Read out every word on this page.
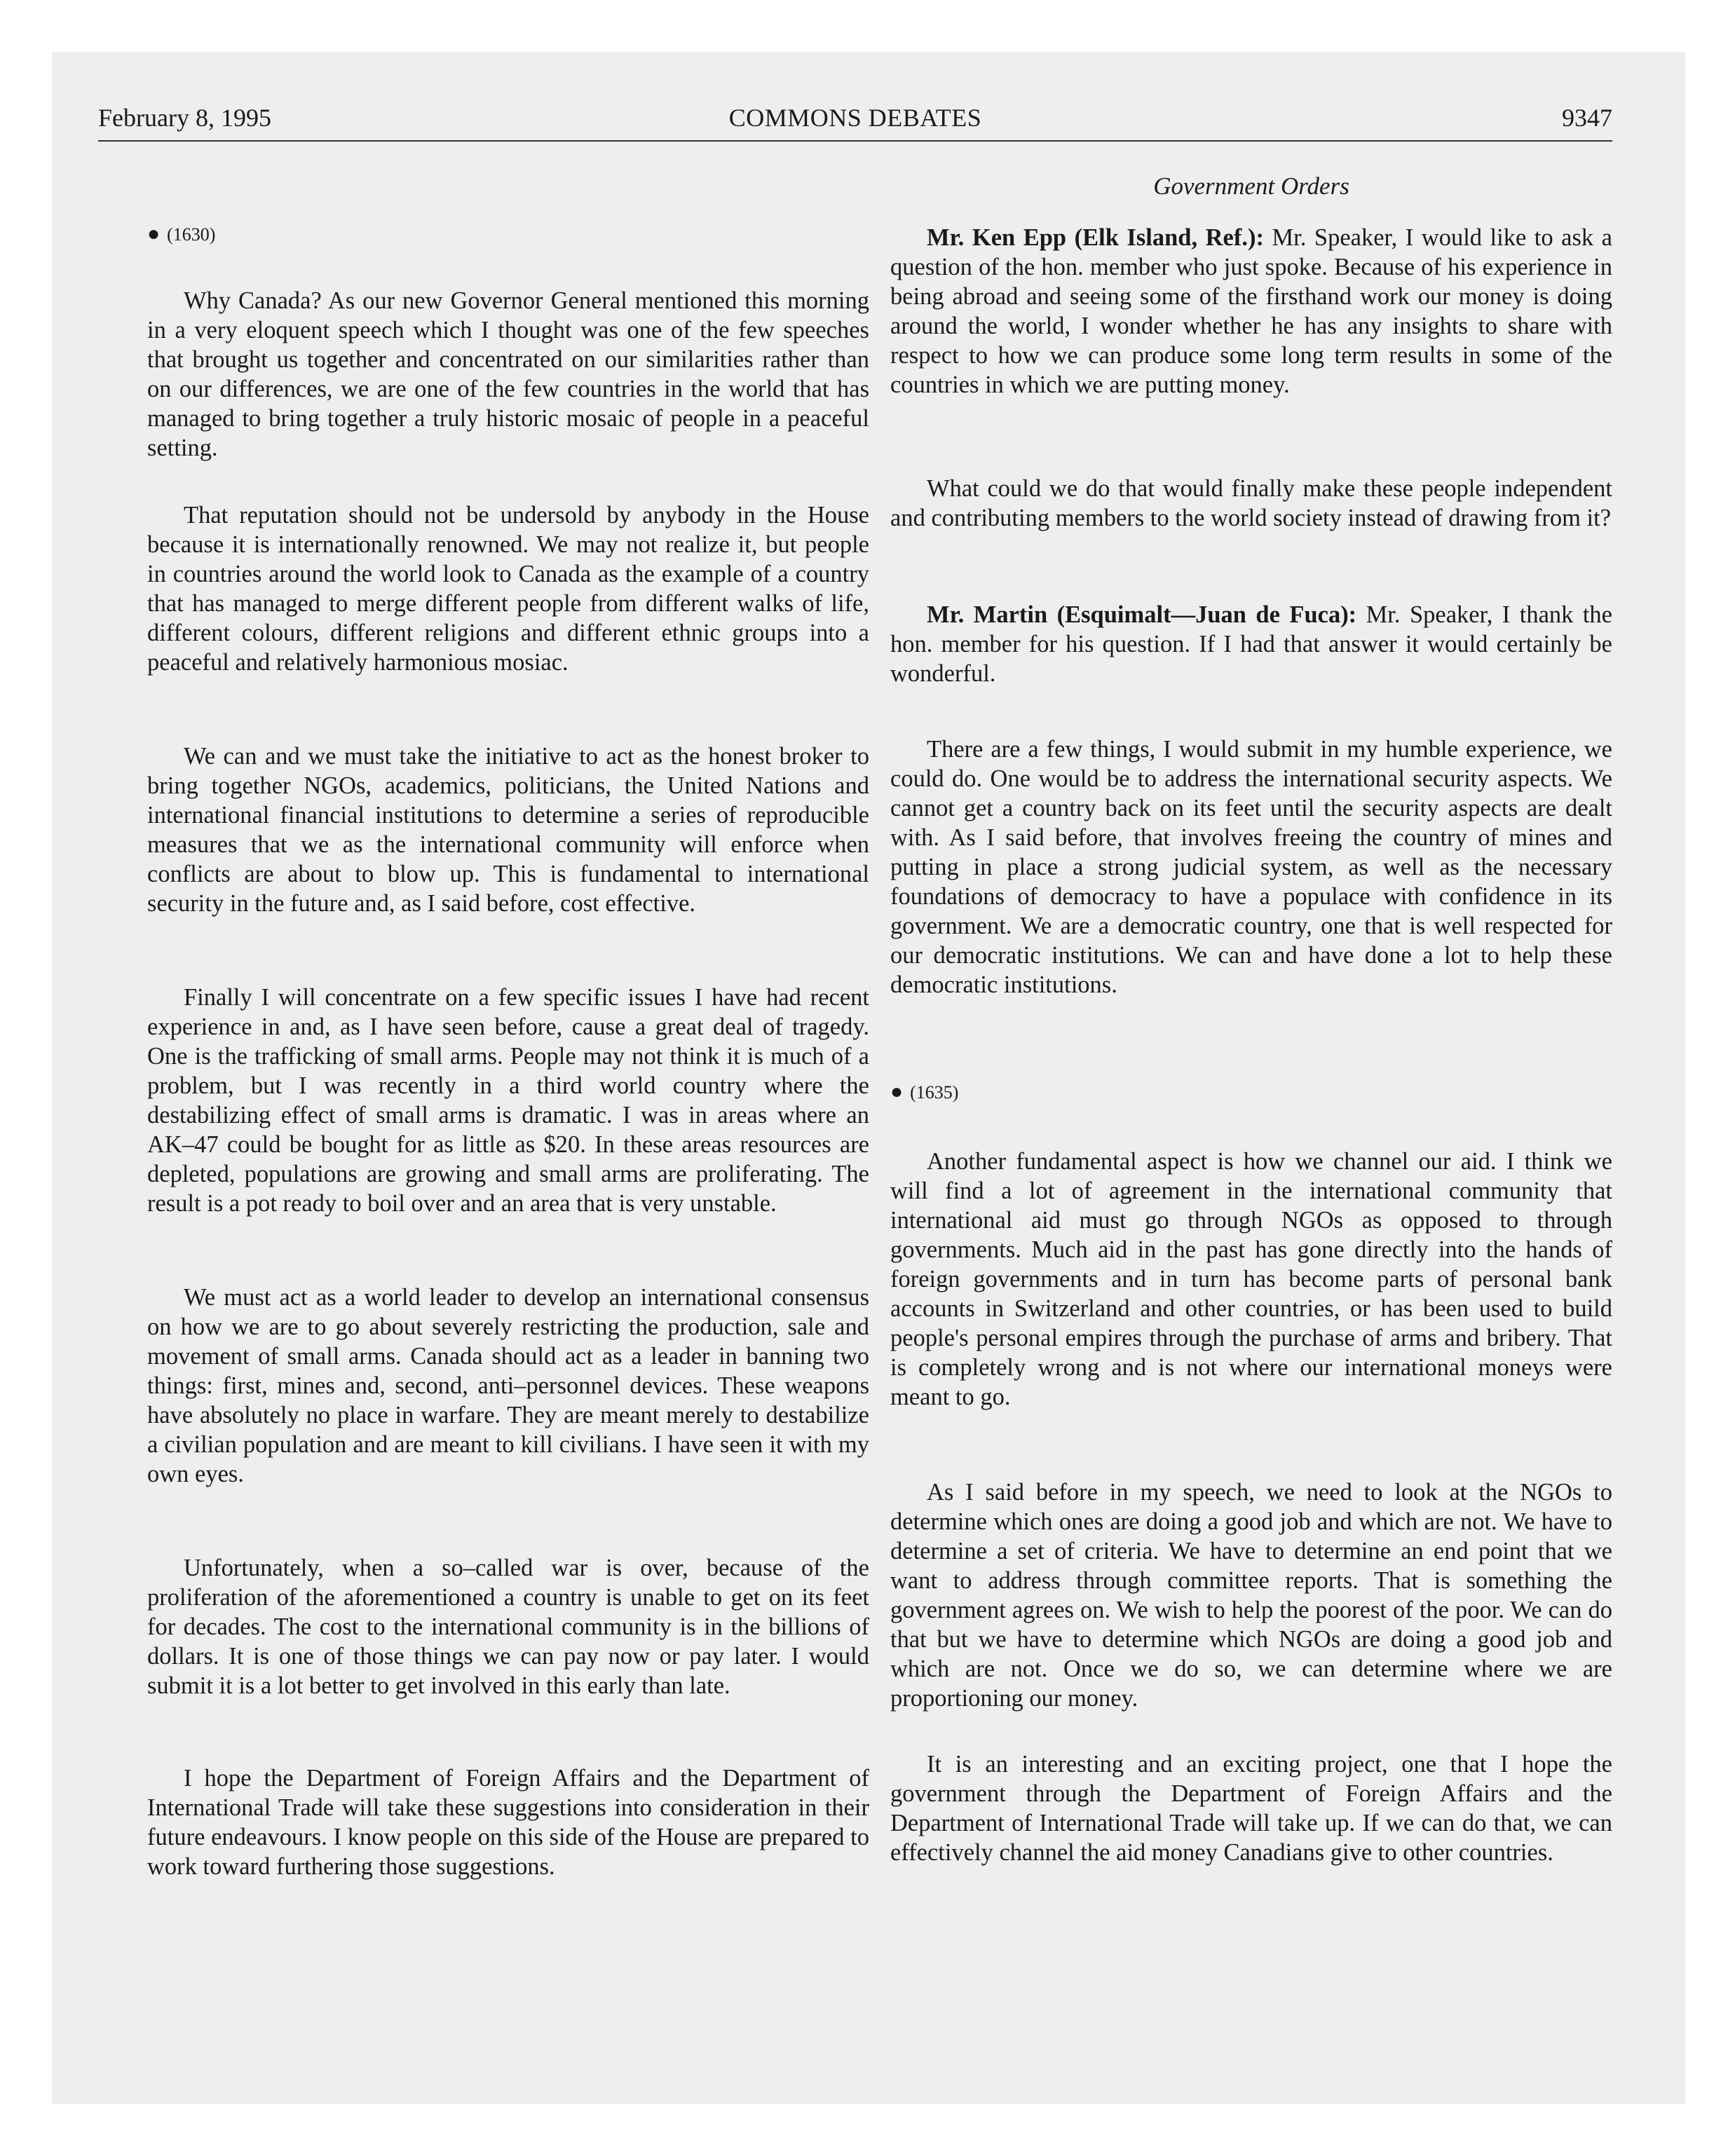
February 8, 1995	COMMONS DEBATES	9347
Government Orders
● (1630)

Why Canada? As our new Governor General mentioned this morning in a very eloquent speech which I thought was one of the few speeches that brought us together and concentrated on our similarities rather than on our differences, we are one of the few countries in the world that has managed to bring together a truly historic mosaic of people in a peaceful setting.

That reputation should not be undersold by anybody in the House because it is internationally renowned. We may not realize it, but people in countries around the world look to Canada as the example of a country that has managed to merge different people from different walks of life, different colours, different religions and different ethnic groups into a peaceful and relatively harmonious mosiac.

We can and we must take the initiative to act as the honest broker to bring together NGOs, academics, politicians, the United Nations and international financial institutions to determine a series of reproducible measures that we as the international community will enforce when conflicts are about to blow up. This is fundamental to international security in the future and, as I said before, cost effective.

Finally I will concentrate on a few specific issues I have had recent experience in and, as I have seen before, cause a great deal of tragedy. One is the trafficking of small arms. People may not think it is much of a problem, but I was recently in a third world country where the destabilizing effect of small arms is dramatic. I was in areas where an AK–47 could be bought for as little as $20. In these areas resources are depleted, populations are growing and small arms are proliferating. The result is a pot ready to boil over and an area that is very unstable.

We must act as a world leader to develop an international consensus on how we are to go about severely restricting the production, sale and movement of small arms. Canada should act as a leader in banning two things: first, mines and, second, anti–personnel devices. These weapons have absolutely no place in warfare. They are meant merely to destabilize a civilian population and are meant to kill civilians. I have seen it with my own eyes.

Unfortunately, when a so–called war is over, because of the proliferation of the aforementioned a country is unable to get on its feet for decades. The cost to the international community is in the billions of dollars. It is one of those things we can pay now or pay later. I would submit it is a lot better to get involved in this early than late.

I hope the Department of Foreign Affairs and the Department of International Trade will take these suggestions into consideration in their future endeavours. I know people on this side of the House are prepared to work toward furthering those suggestions.

Mr. Ken Epp (Elk Island, Ref.): Mr. Speaker, I would like to ask a question of the hon. member who just spoke. Because of his experience in being abroad and seeing some of the firsthand work our money is doing around the world, I wonder whether he has any insights to share with respect to how we can produce some long term results in some of the countries in which we are putting money.

What could we do that would finally make these people independent and contributing members to the world society instead of drawing from it?

Mr. Martin (Esquimalt—Juan de Fuca): Mr. Speaker, I thank the hon. member for his question. If I had that answer it would certainly be wonderful.

There are a few things, I would submit in my humble experience, we could do. One would be to address the international security aspects. We cannot get a country back on its feet until the security aspects are dealt with. As I said before, that involves freeing the country of mines and putting in place a strong judicial system, as well as the necessary foundations of democracy to have a populace with confidence in its government. We are a democratic country, one that is well respected for our democratic institutions. We can and have done a lot to help these democratic institutions.

● (1635)

Another fundamental aspect is how we channel our aid. I think we will find a lot of agreement in the international community that international aid must go through NGOs as opposed to through governments. Much aid in the past has gone directly into the hands of foreign governments and in turn has become parts of personal bank accounts in Switzerland and other countries, or has been used to build people's personal empires through the purchase of arms and bribery. That is completely wrong and is not where our international moneys were meant to go.

As I said before in my speech, we need to look at the NGOs to determine which ones are doing a good job and which are not. We have to determine a set of criteria. We have to determine an end point that we want to address through committee reports. That is something the government agrees on. We wish to help the poorest of the poor. We can do that but we have to determine which NGOs are doing a good job and which are not. Once we do so, we can determine where we are proportioning our money.

It is an interesting and an exciting project, one that I hope the government through the Department of Foreign Affairs and the Department of International Trade will take up. If we can do that, we can effectively channel the aid money Canadians give to other countries.
